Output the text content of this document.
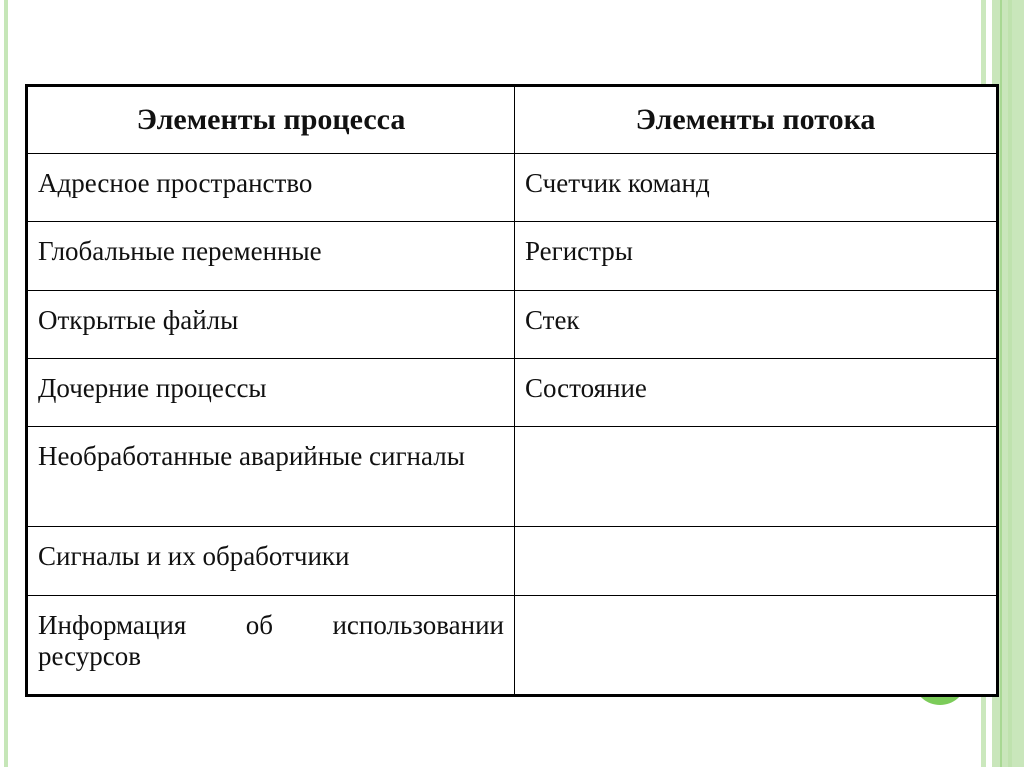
Элементы процесса	Элементы потока
Адресное пространство	Счетчик команд
Глобальные переменные	Регистры
Открытые файлы	Стек
Дочерние процессы	Состояние
Необработанные аварийные сигналы	
Сигналы и их обработчики	
Информация об использовании ресурсов	
